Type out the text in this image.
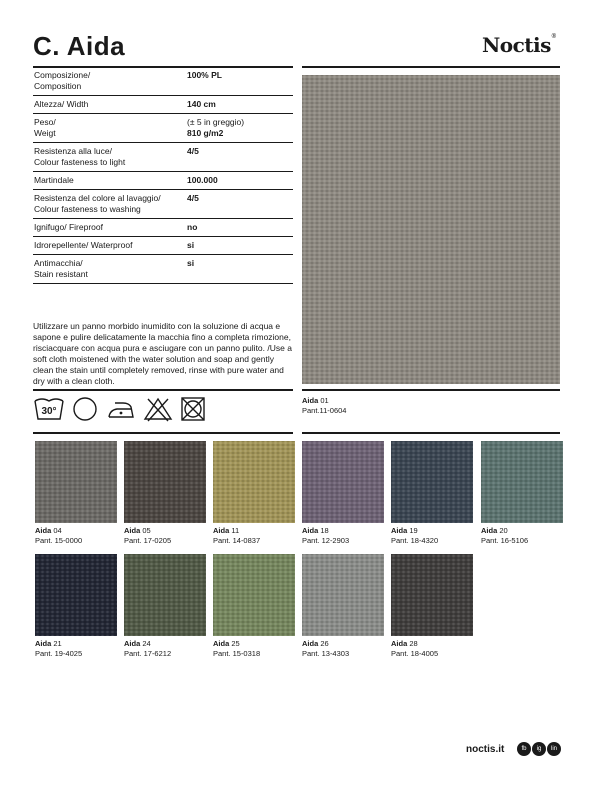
C. Aida	Noctis®
Composizione/
Composition	100% PL
Altezza/ Width	140 cm
Peso/
Weigt	(± 5 in greggio)
810 g/m2
Resistenza alla luce/
Colour fasteness to light	4/5
Martindale	100.000
Resistenza del colore al lavaggio/
Colour fasteness to washing	4/5
Ignifugo/ Fireproof	no
Idrorepellente/ Waterproof	si
Antimacchia/
Stain resistant	si

Utilizzare un panno morbido inumidito con la soluzione di acqua e sapone e pulire delicatamente la macchia fino a completa rimozione, risciacquare con acqua pura e asciugare con un panno pulito. /Use a soft cloth moistened with the water solution and soap and gently clean the stain until completely removed, rinse with pure water and dry with a clean cloth.

30°
Aida 01
Pant.11-0604
Aida 04
Pant. 15-0000
Aida 05
Pant. 17-0205
Aida 11
Pant. 14-0837
Aida 18
Pant. 12-2903
Aida 19
Pant. 18-4320
Aida 20
Pant. 16-5106
Aida 21
Pant. 19-4025
Aida 24
Pant. 17-6212
Aida 25
Pant. 15-0318
Aida 26
Pant. 13-4303
Aida 28
Pant. 18-4005
noctis.it	fb	ig	lin
